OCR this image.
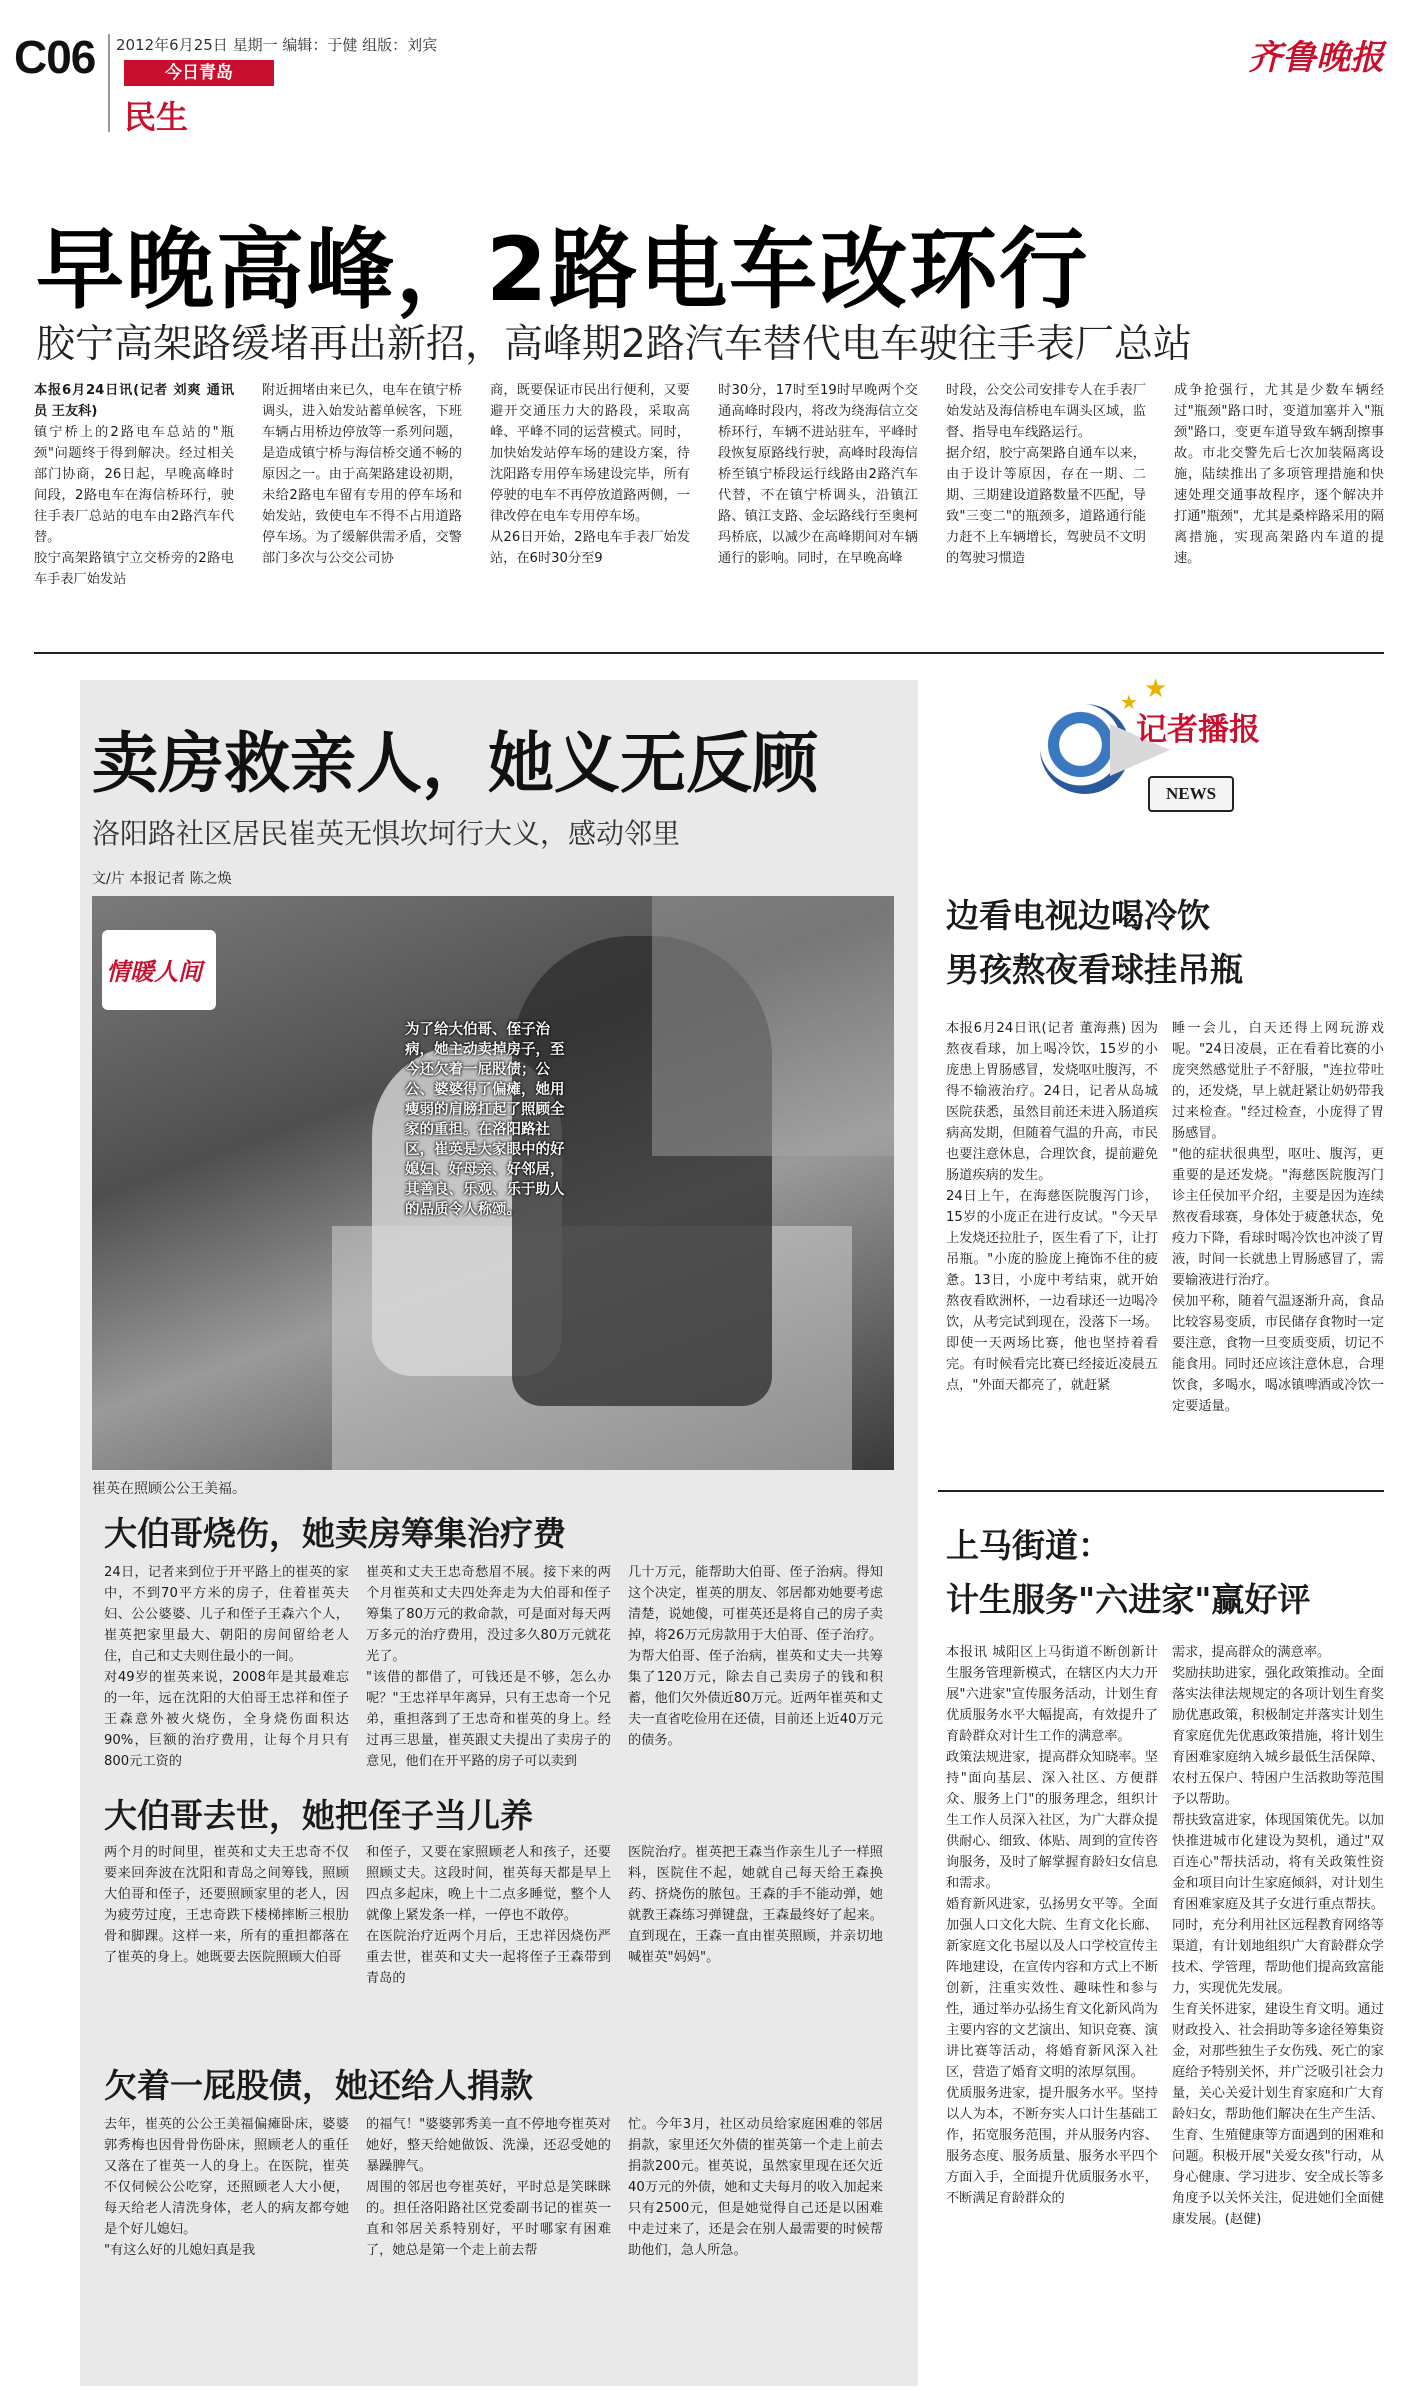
C06 2012年6月25日 星期一 编辑：于健 组版：刘宾
今日青岛
民生
齐鲁晚报
早晚高峰，2路电车改环行
胶宁高架路缓堵再出新招，高峰期2路汽车替代电车驶往手表厂总站

本报6月24日讯(记者 刘爽 通讯员 王友科)

镇宁桥上的2路电车总站的"瓶颈"问题终于得到解决。经过相关部门协商，26日起，早晚高峰时间段，2路电车在海信桥环行，驶往手表厂总站的电车由2路汽车代替。
胶宁高架路镇宁立交桥旁的2路电车手表厂始发站

附近拥堵由来已久，电车在镇宁桥调头，进入始发站蓄单候客，下班车辆占用桥边停放等一系列问题，是造成镇宁桥与海信桥交通不畅的原因之一。由于高架路建设初期，未给2路电车留有专用的停车场和始发站，致使电车不得不占用道路停车场。为了缓解供需矛盾，交警部门多次与公交公司协

商，既要保证市民出行便利，又要避开交通压力大的路段，采取高峰、平峰不同的运营模式。同时，加快始发站停车场的建设方案，待沈阳路专用停车场建设完毕，所有停驶的电车不再停放道路两侧，一律改停在电车专用停车场。
从26日开始，2路电车手表厂始发站，在6时30分至9

时30分，17时至19时早晚两个交通高峰时段内，将改为绕海信立交桥环行，车辆不进站驻车，平峰时段恢复原路线行驶，高峰时段海信桥至镇宁桥段运行线路由2路汽车代替，不在镇宁桥调头，沿镇江路、镇江支路、金坛路线行至奥柯玛桥底，以减少在高峰期间对车辆通行的影响。同时，在早晚高峰

时段，公交公司安排专人在手表厂始发站及海信桥电车调头区域，监督、指导电车线路运行。
据介绍，胶宁高架路自通车以来，由于设计等原因，存在一期、二期、三期建设道路数量不匹配，导致"三变二"的瓶颈多，道路通行能力赶不上车辆增长，驾驶员不文明的驾驶习惯造

成争抢强行，尤其是少数车辆经过"瓶颈"路口时，变道加塞并入"瓶颈"路口，变更车道导致车辆刮擦事故。市北交警先后七次加装隔离设施，陆续推出了多项管理措施和快速处理交通事故程序，逐个解决并打通"瓶颈"，尤其是桑梓路采用的隔离措施，实现高架路内车道的提速。

卖房救亲人，她义无反顾
洛阳路社区居民崔英无惧坎坷行大义，感动邻里
文/片 本报记者 陈之焕
情暖人间
为了给大伯哥、侄子治病，她主动卖掉房子，至今还欠着一屁股债；公公、婆婆得了偏瘫，她用瘦弱的肩膀扛起了照顾全家的重担。在洛阳路社区，崔英是大家眼中的好媳妇、好母亲、好邻居，其善良、乐观、乐于助人的品质令人称颂。
崔英在照顾公公王美福。
大伯哥烧伤，她卖房筹集治疗费

24日，记者来到位于开平路上的崔英的家中，不到70平方米的房子，住着崔英夫妇、公公婆婆、儿子和侄子王森六个人，崔英把家里最大、朝阳的房间留给老人住，自己和丈夫则住最小的一间。
对49岁的崔英来说，2008年是其最难忘的一年，远在沈阳的大伯哥王忠祥和侄子王森意外被火烧伤，全身烧伤面积达90%，巨额的治疗费用，让每个月只有800元工资的

崔英和丈夫王忠奇愁眉不展。接下来的两个月崔英和丈夫四处奔走为大伯哥和侄子筹集了80万元的救命款，可是面对每天两万多元的治疗费用，没过多久80万元就花光了。
"该借的都借了，可钱还是不够，怎么办呢？"王忠祥早年离异，只有王忠奇一个兄弟，重担落到了王忠奇和崔英的身上。经过再三思量，崔英跟丈夫提出了卖房子的意见，他们在开平路的房子可以卖到

几十万元，能帮助大伯哥、侄子治病。得知这个决定，崔英的朋友、邻居都劝她要考虑清楚，说她傻，可崔英还是将自己的房子卖掉，将26万元房款用于大伯哥、侄子治疗。
为帮大伯哥、侄子治病，崔英和丈夫一共筹集了120万元，除去自己卖房子的钱和积蓄，他们欠外债近80万元。近两年崔英和丈夫一直省吃俭用在还债，目前还上近40万元的债务。

大伯哥去世，她把侄子当儿养

两个月的时间里，崔英和丈夫王忠奇不仅要来回奔波在沈阳和青岛之间筹钱，照顾大伯哥和侄子，还要照顾家里的老人，因为疲劳过度，王忠奇跌下楼梯摔断三根肋骨和脚踝。这样一来，所有的重担都落在了崔英的身上。她既要去医院照顾大伯哥

和侄子，又要在家照顾老人和孩子，还要照顾丈夫。这段时间，崔英每天都是早上四点多起床，晚上十二点多睡觉，整个人就像上紧发条一样，一停也不敢停。
在医院治疗近两个月后，王忠祥因烧伤严重去世，崔英和丈夫一起将侄子王森带到青岛的

医院治疗。崔英把王森当作亲生儿子一样照料，医院住不起，她就自己每天给王森换药、挤烧伤的脓包。王森的手不能动弹，她就教王森练习弹键盘，王森最终好了起来。直到现在，王森一直由崔英照顾，并亲切地喊崔英"妈妈"。

欠着一屁股债，她还给人捐款

去年，崔英的公公王美福偏瘫卧床，婆婆郭秀梅也因骨骨伤卧床，照顾老人的重任又落在了崔英一人的身上。在医院，崔英不仅伺候公公吃穿，还照顾老人大小便，每天给老人清洗身体，老人的病友都夸她是个好儿媳妇。
"有这么好的儿媳妇真是我

的福气！"婆婆郭秀美一直不停地夸崔英对她好，整天给她做饭、洗澡，还忍受她的暴躁脾气。
周围的邻居也夸崔英好，平时总是笑眯眯的。担任洛阳路社区党委副书记的崔英一直和邻居关系特别好，平时哪家有困难了，她总是第一个走上前去帮

忙。今年3月，社区动员给家庭困难的邻居捐款，家里还欠外债的崔英第一个走上前去捐款200元。崔英说，虽然家里现在还欠近40万元的外债，她和丈夫每月的收入加起来只有2500元，但是她觉得自己还是以困难中走过来了，还是会在别人最需要的时候帮助他们，急人所急。

★
★
记者播报
NEWS
边看电视边喝冷饮
男孩熬夜看球挂吊瓶

本报6月24日讯(记者 董海燕) 因为熬夜看球，加上喝冷饮，15岁的小庞患上胃肠感冒，发烧呕吐腹泻，不得不输液治疗。24日，记者从岛城医院获悉，虽然目前还未进入肠道疾病高发期，但随着气温的升高，市民也要注意休息，合理饮食，提前避免肠道疾病的发生。
24日上午，在海慈医院腹泻门诊，15岁的小庞正在进行皮试。"今天早上发烧还拉肚子，医生看了下，让打吊瓶。"小庞的脸庞上掩饰不住的疲惫。13日，小庞中考结束，就开始熬夜看欧洲杯，一边看球还一边喝冷饮，从考完试到现在，没落下一场。即使一天两场比赛，他也坚持着看完。有时候看完比赛已经接近凌晨五点，"外面天都亮了，就赶紧

睡一会儿，白天还得上网玩游戏呢。"24日凌晨，正在看着比赛的小庞突然感觉肚子不舒服，"连拉带吐的，还发烧，早上就赶紧让奶奶带我过来检查。"经过检查，小庞得了胃肠感冒。
"他的症状很典型，呕吐、腹泻，更重要的是还发烧。"海慈医院腹泻门诊主任侯加平介绍，主要是因为连续熬夜看球赛，身体处于疲惫状态，免疫力下降，看球时喝冷饮也冲淡了胃液，时间一长就患上胃肠感冒了，需要输液进行治疗。
侯加平称，随着气温逐渐升高，食品比较容易变质，市民储存食物时一定要注意，食物一旦变质变质，切记不能食用。同时还应该注意休息，合理饮食，多喝水，喝冰镇啤酒或冷饮一定要适量。

上马街道：
计生服务"六进家"赢好评

本报讯 城阳区上马街道不断创新计生服务管理新模式，在辖区内大力开展"六进家"宣传服务活动，计划生育优质服务水平大幅提高，有效提升了育龄群众对计生工作的满意率。
政策法规进家，提高群众知晓率。坚持"面向基层、深入社区、方便群众、服务上门"的服务理念，组织计生工作人员深入社区，为广大群众提供耐心、细致、体贴、周到的宣传咨询服务，及时了解掌握育龄妇女信息和需求。
婚育新风进家，弘扬男女平等。全面加强人口文化大院、生育文化长廊、新家庭文化书屋以及人口学校宣传主阵地建设，在宣传内容和方式上不断创新，注重实效性、趣味性和参与性，通过举办弘扬生育文化新风尚为主要内容的文艺演出、知识竞赛、演讲比赛等活动，将婚育新风深入社区，营造了婚育文明的浓厚氛围。
优质服务进家，提升服务水平。坚持以人为本，不断夯实人口计生基础工作，拓宽服务范围，并从服务内容、服务态度、服务质量、服务水平四个方面入手，全面提升优质服务水平，不断满足育龄群众的

需求，提高群众的满意率。
奖励扶助进家，强化政策推动。全面落实法律法规规定的各项计划生育奖励优惠政策，积极制定并落实计划生育家庭优先优惠政策措施，将计划生育困难家庭纳入城乡最低生活保障、农村五保户、特困户生活救助等范围予以帮助。
帮扶致富进家，体现国策优先。以加快推进城市化建设为契机，通过"双百连心"帮扶活动，将有关政策性资金和项目向计生家庭倾斜，对计划生育困难家庭及其子女进行重点帮扶。同时，充分利用社区远程教育网络等渠道，有计划地组织广大育龄群众学技术、学管理，帮助他们提高致富能力，实现优先发展。
生育关怀进家，建设生育文明。通过财政投入、社会捐助等多途径筹集资金，对那些独生子女伤残、死亡的家庭给予特别关怀，并广泛吸引社会力量，关心关爱计划生育家庭和广大育龄妇女，帮助他们解决在生产生活、生育、生殖健康等方面遇到的困难和问题。积极开展"关爱女孩"行动，从身心健康、学习进步、安全成长等多角度予以关怀关注，促进她们全面健康发展。(赵健)
